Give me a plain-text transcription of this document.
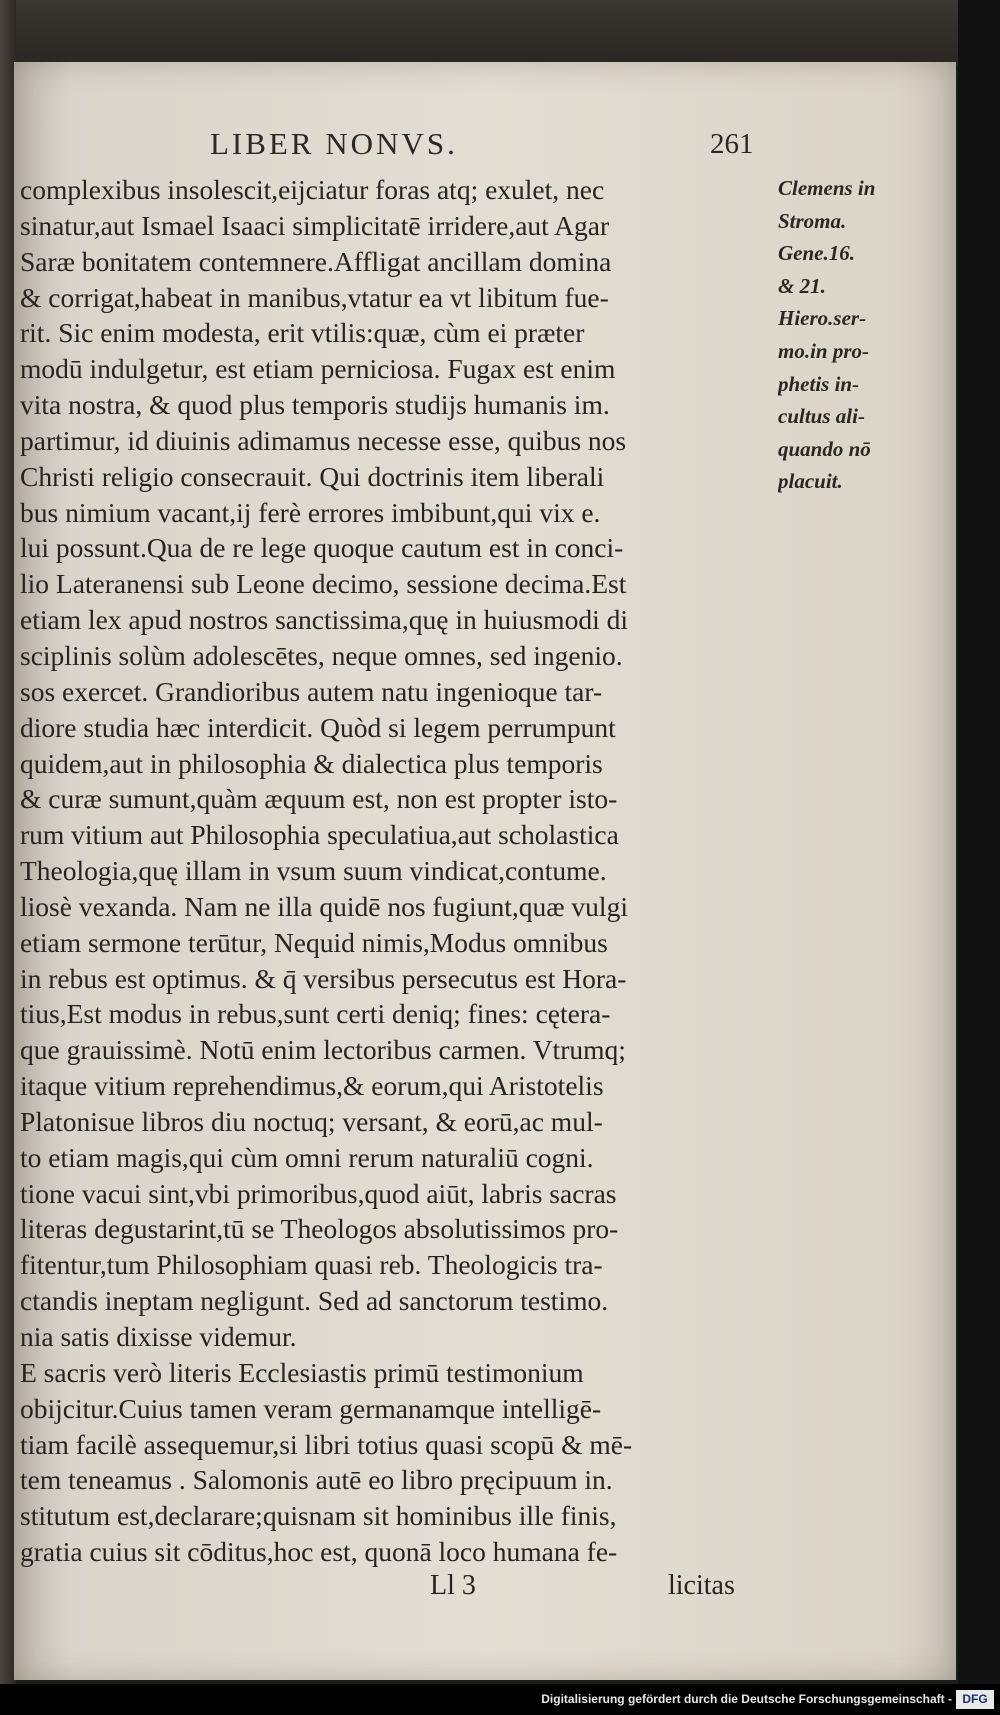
LIBER NONVS.	261
complexibus insolescit,eijciatur foras atq; exulet, nec
sinatur,aut Ismael Isaaci simplicitatē irridere,aut Agar
Saræ bonitatem contemnere.Affligat ancillam domina
& corrigat,habeat in manibus,vtatur ea vt libitum fue-
rit. Sic enim modesta, erit vtilis:quæ, cùm ei præter
modū indulgetur, est etiam perniciosa. Fugax est enim
vita nostra, & quod plus temporis studijs humanis im.
partimur, id diuinis adimamus necesse esse, quibus nos
Christi religio consecrauit. Qui doctrinis item liberali
bus nimium vacant,ij ferè errores imbibunt,qui vix e.
lui possunt.Qua de re lege quoque cautum est in conci-
lio Lateranensi sub Leone decimo, sessione decima.Est
etiam lex apud nostros sanctissima,quę in huiusmodi di
sciplinis solùm adolescētes, neque omnes, sed ingenio.
sos exercet. Grandioribus autem natu ingenioque tar-
diore studia hæc interdicit. Quòd si legem perrumpunt
quidem,aut in philosophia & dialectica plus temporis
& curæ sumunt,quàm æquum est, non est propter isto-
rum vitium aut Philosophia speculatiua,aut scholastica
Theologia,quę illam in vsum suum vindicat,contume.
liosè vexanda. Nam ne illa quidē nos fugiunt,quæ vulgi
etiam sermone terūtur, Nequid nimis,Modus omnibus
in rebus est optimus. & q̄ versibus persecutus est Hora-
tius,Est modus in rebus,sunt certi deniq; fines: cętera-
que grauissimè. Notū enim lectoribus carmen. Vtrumq;
itaque vitium reprehendimus,& eorum,qui Aristotelis
Platonisue libros diu noctuq; versant, & eorū,ac mul-
to etiam magis,qui cùm omni rerum naturaliū cogni.
tione vacui sint,vbi primoribus,quod aiūt, labris sacras
literas degustarint,tū se Theologos absolutissimos pro-
fitentur,tum Philosophiam quasi reb. Theologicis tra-
ctandis ineptam negligunt. Sed ad sanctorum testimo.
nia satis dixisse videmur.
E sacris verò literis Ecclesiastis primū testimonium
obijcitur.Cuius tamen veram germanamque intelligē-
tiam facilè assequemur,si libri totius quasi scopū & mē-
tem teneamus . Salomonis autē eo libro pręcipuum in.
stitutum est,declarare;quisnam sit hominibus ille finis,
gratia cuius sit cōditus,hoc est, quonā loco humana fe-
Clemens in
Stroma.
Gene.16.
& 21.
Hiero.ser-
mo.in pro-
phetis in-
cultus ali-
quando nō
placuit.
Ll 3	licitas
Digitalisierung gefördert durch die Deutsche Forschungsgemeinschaft - DFG
